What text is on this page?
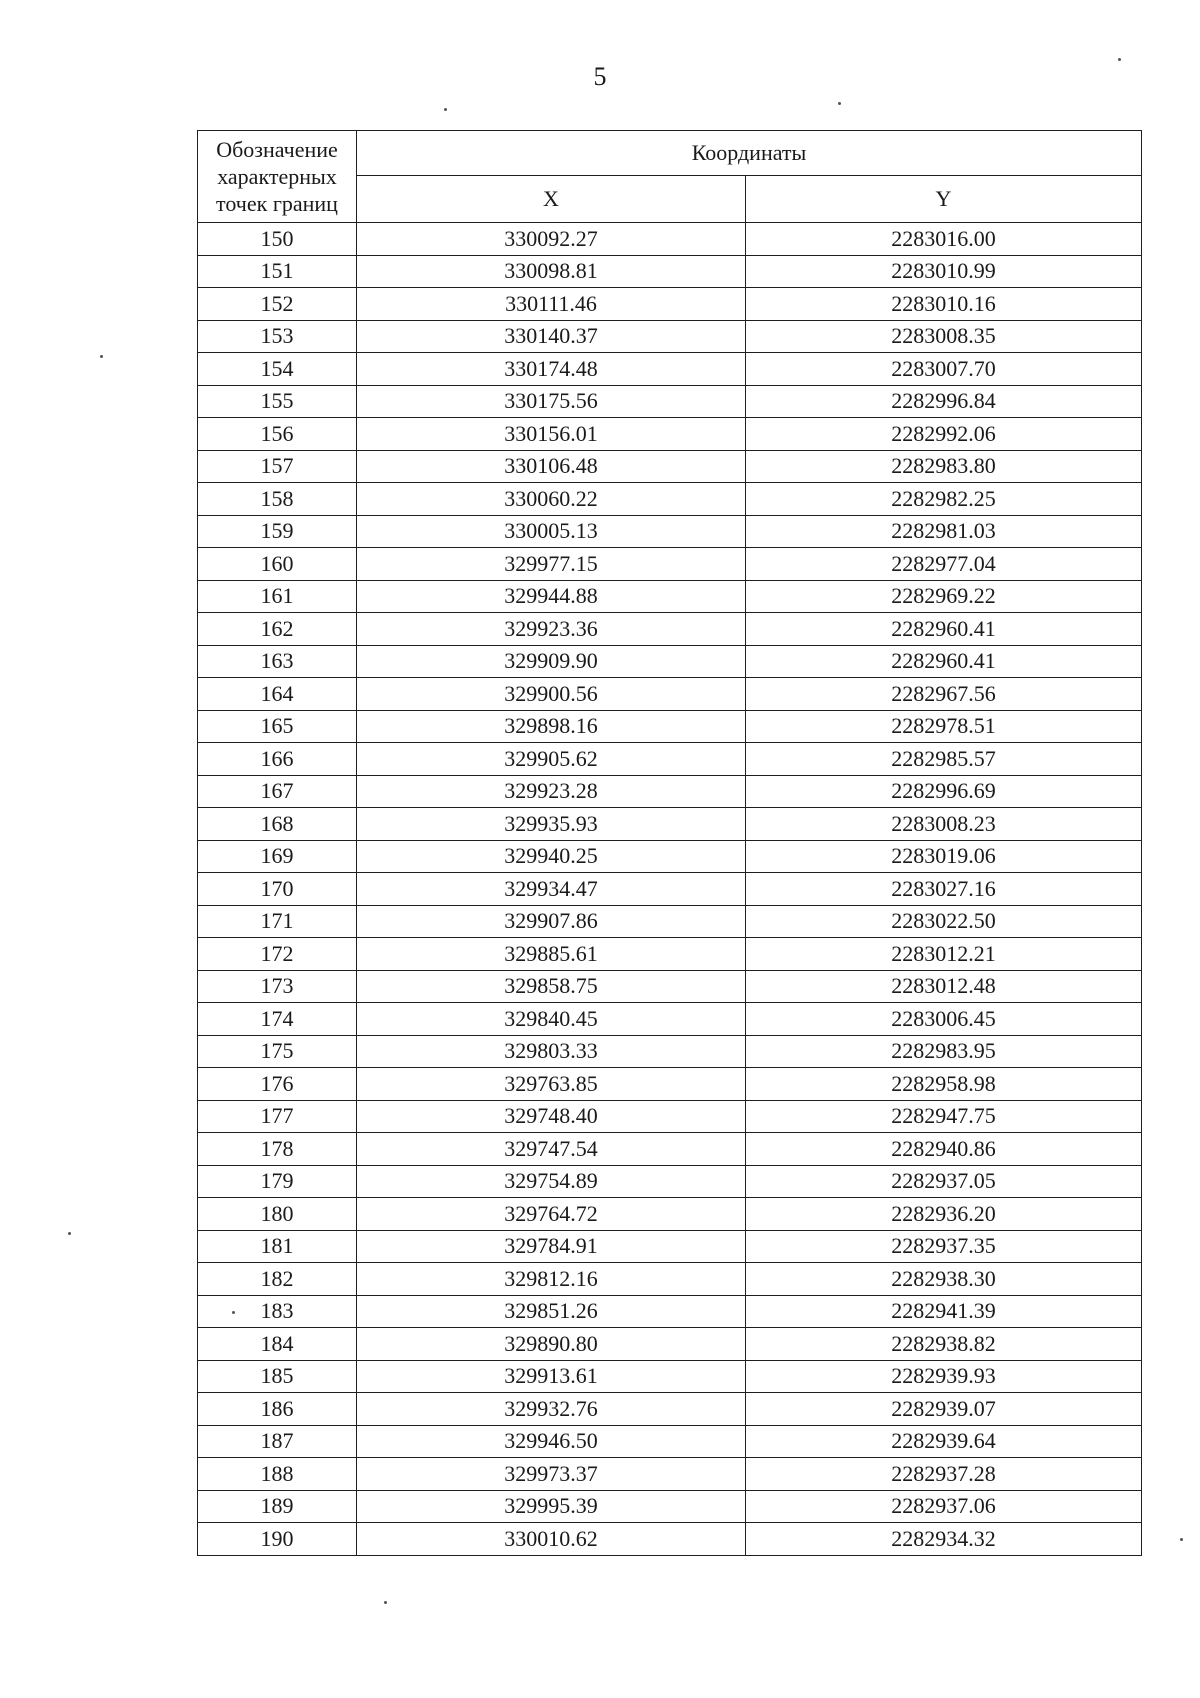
5
Обозначение характерных точек границ	Координаты	
	X	Y
150	330092.27	2283016.00
151	330098.81	2283010.99
152	330111.46	2283010.16
153	330140.37	2283008.35
154	330174.48	2283007.70
155	330175.56	2282996.84
156	330156.01	2282992.06
157	330106.48	2282983.80
158	330060.22	2282982.25
159	330005.13	2282981.03
160	329977.15	2282977.04
161	329944.88	2282969.22
162	329923.36	2282960.41
163	329909.90	2282960.41
164	329900.56	2282967.56
165	329898.16	2282978.51
166	329905.62	2282985.57
167	329923.28	2282996.69
168	329935.93	2283008.23
169	329940.25	2283019.06
170	329934.47	2283027.16
171	329907.86	2283022.50
172	329885.61	2283012.21
173	329858.75	2283012.48
174	329840.45	2283006.45
175	329803.33	2282983.95
176	329763.85	2282958.98
177	329748.40	2282947.75
178	329747.54	2282940.86
179	329754.89	2282937.05
180	329764.72	2282936.20
181	329784.91	2282937.35
182	329812.16	2282938.30
183	329851.26	2282941.39
184	329890.80	2282938.82
185	329913.61	2282939.93
186	329932.76	2282939.07
187	329946.50	2282939.64
188	329973.37	2282937.28
189	329995.39	2282937.06
190	330010.62	2282934.32
